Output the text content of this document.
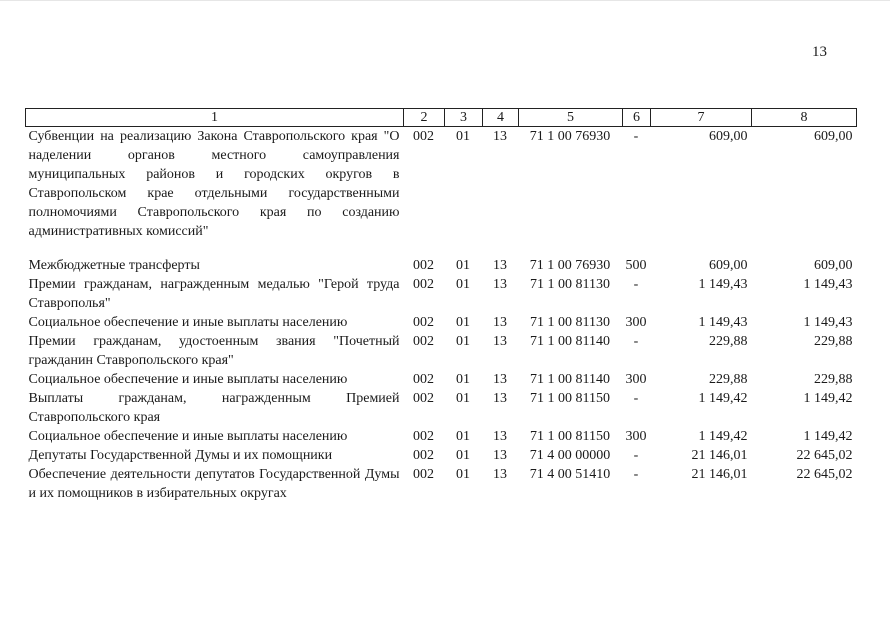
13
1	2	3	4	5	6	7	8
Субвенции на реализацию Закона Ставропольского края "О наделении органов местного самоуправления муниципальных районов и городских округов в Ставропольском крае отдельными государственными полномочиями Ставропольского края по созданию административных комиссий"	002	01	13	71 1 00 76930	-	609,00	609,00
Межбюджетные трансферты	002	01	13	71 1 00 76930	500	609,00	609,00
Премии гражданам, награжденным медалью "Герой труда Ставрополья"	002	01	13	71 1 00 81130	-	1 149,43	1 149,43
Социальное обеспечение и иные выплаты населению	002	01	13	71 1 00 81130	300	1 149,43	1 149,43
Премии гражданам, удостоенным звания "Почетный гражданин Ставропольского края"	002	01	13	71 1 00 81140	-	229,88	229,88
Социальное обеспечение и иные выплаты населению	002	01	13	71 1 00 81140	300	229,88	229,88
Выплаты гражданам, награжденным Премией Ставропольского края	002	01	13	71 1 00 81150	-	1 149,42	1 149,42
Социальное обеспечение и иные выплаты населению	002	01	13	71 1 00 81150	300	1 149,42	1 149,42
Депутаты Государственной Думы и их помощники	002	01	13	71 4 00 00000	-	21 146,01	22 645,02
Обеспечение деятельности депутатов Государственной Думы и их помощников в избирательных округах	002	01	13	71 4 00 51410	-	21 146,01	22 645,02
